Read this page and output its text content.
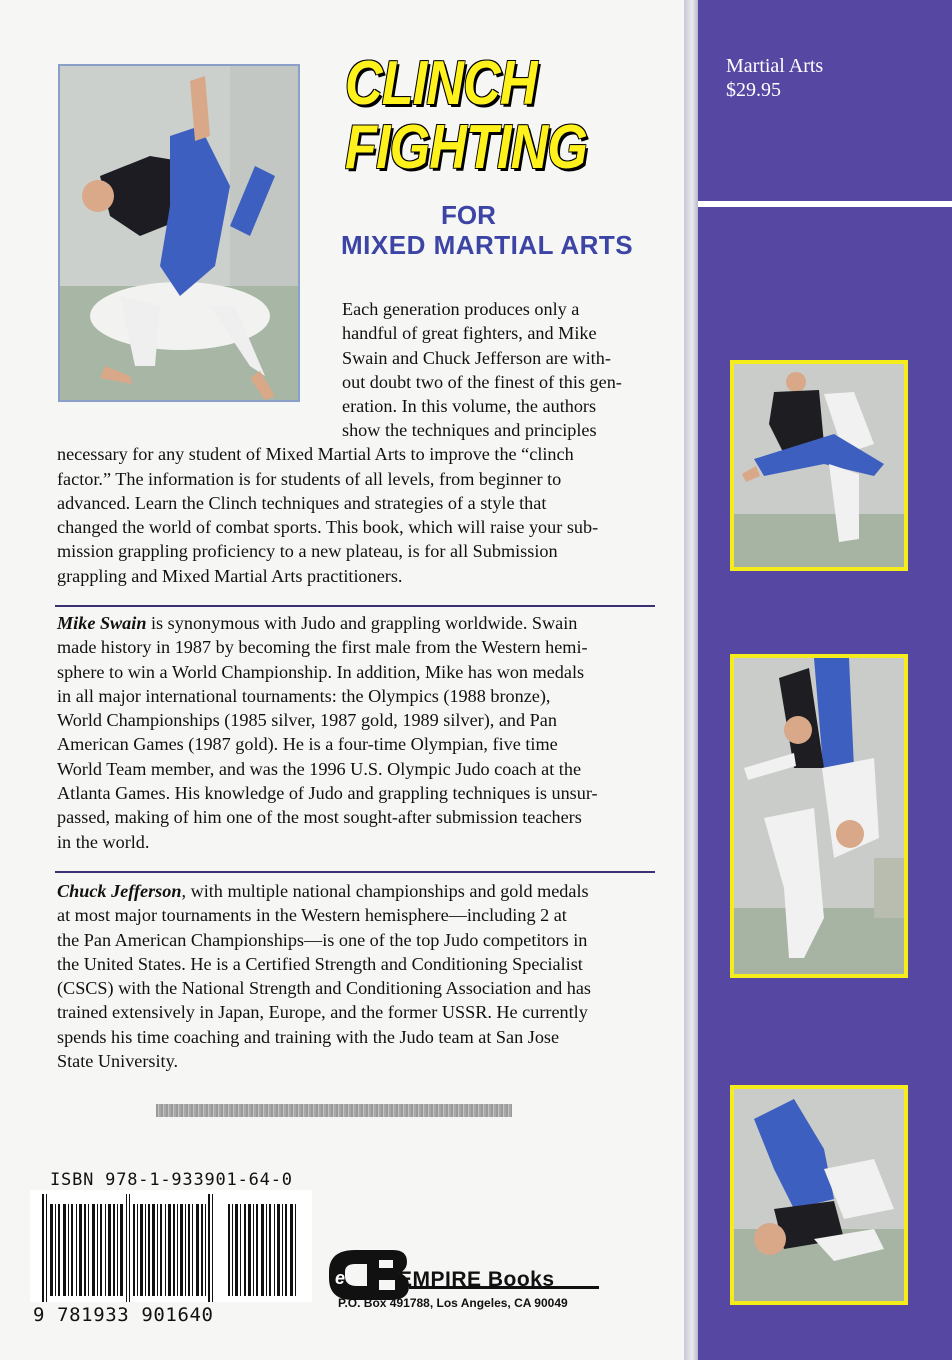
CLINCH
FIGHTING
FOR
MIXED MARTIAL ARTS
Each generation produces only a
handful of great fighters, and Mike
Swain and Chuck Jefferson are with-
out doubt two of the finest of this gen-
eration. In this volume, the authors
show the techniques and principles
necessary for any student of Mixed Martial Arts to improve the “clinch
factor.” The information is for students of all levels, from beginner to
advanced. Learn the Clinch techniques and strategies of a style that
changed the world of combat sports. This book, which will raise your sub-
mission grappling proficiency to a new plateau, is for all Submission
grappling and Mixed Martial Arts practitioners.
Mike Swain is synonymous with Judo and grappling worldwide. Swain
made history in 1987 by becoming the first male from the Western hemi-
sphere to win a World Championship. In addition, Mike has won medals
in all major international tournaments: the Olympics (1988 bronze),
World Championships (1985 silver, 1987 gold, 1989 silver), and Pan
American Games (1987 gold). He is a four-time Olympian, five time
World Team member, and was the 1996 U.S. Olympic Judo coach at the
Atlanta Games. His knowledge of Judo and grappling techniques is unsur-
passed, making of him one of the most sought-after submission teachers
in the world.
Chuck Jefferson, with multiple national championships and gold medals
at most major tournaments in the Western hemisphere—including 2 at
the Pan American Championships—is one of the top Judo competitors in
the United States. He is a Certified Strength and Conditioning Specialist
(CSCS) with the National Strength and Conditioning Association and has
trained extensively in Japan, Europe, and the former USSR. He currently
spends his time coaching and training with the Judo team at San Jose
State University.
ISBN 978-1-933901-64-0
9 781933 901640
e	EMPIRE Books
P.O. Box 491788, Los Angeles, CA 90049
Martial Arts
$29.95
